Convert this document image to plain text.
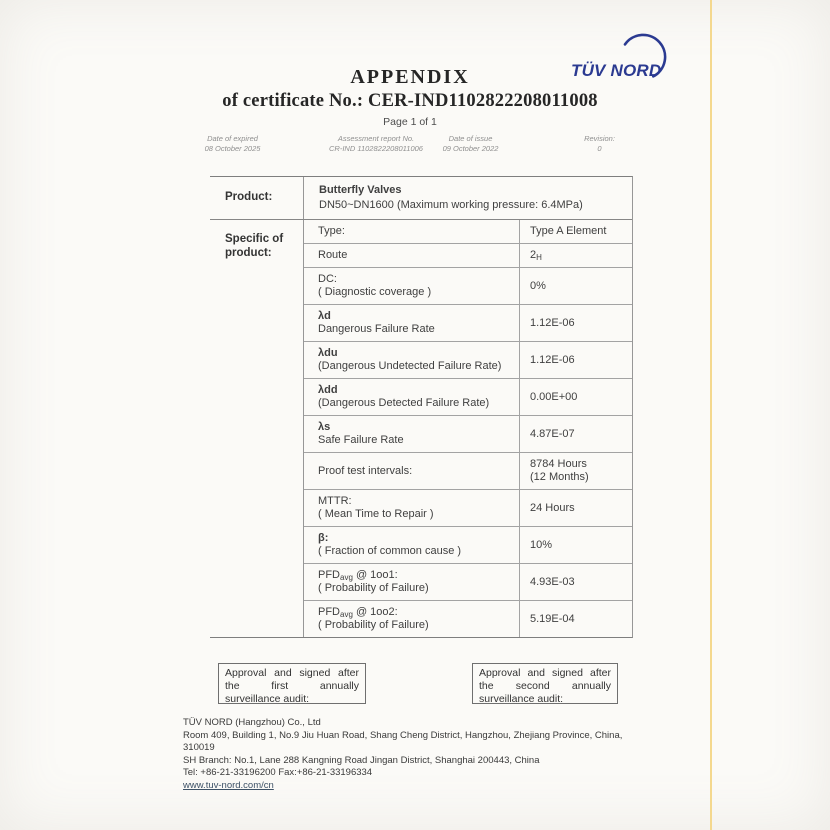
TÜV NORD
APPENDIX
of certificate No.: CER-IND1102822208011008
Page 1 of 1
Date of expired
08 October 2025
Assessment report No.
CR-IND 1102822208011006
Date of issue
09 October 2022
Revision:
0
Product:
Butterfly Valves
DN50~DN1600 (Maximum working pressure: 6.4MPa)
Specific of product:
Type:	Type A Element
Route	$2_H$
DC:
( Diagnostic coverage )
0%
λd
Dangerous Failure Rate
1.12E-06
λdu
(Dangerous Undetected Failure Rate)
1.12E-06
λdd
(Dangerous Detected Failure Rate)
0.00E+00
λs
Safe Failure Rate
4.87E-07
Proof test intervals:
8784 Hours
(12 Months)
MTTR:
( Mean Time to Repair )
24 Hours
β:
( Fraction of common cause )
10%
$PFD_{avg}$ @ 1oo1:
( Probability of Failure)
4.93E-03
$PFD_{avg}$ @ 1oo2:
( Probability of Failure)
5.19E-04
Approval and signed after the first annually surveillance audit:
Approval and signed after the second annually surveillance audit:
TÜV NORD (Hangzhou) Co., Ltd
Room 409, Building 1, No.9 Jiu Huan Road, Shang Cheng District, Hangzhou, Zhejiang Province, China, 310019
SH Branch: No.1, Lane 288 Kangning Road Jingan District, Shanghai 200443, China
Tel: +86-21-33196200 Fax:+86-21-33196334
www.tuv-nord.com/cn
